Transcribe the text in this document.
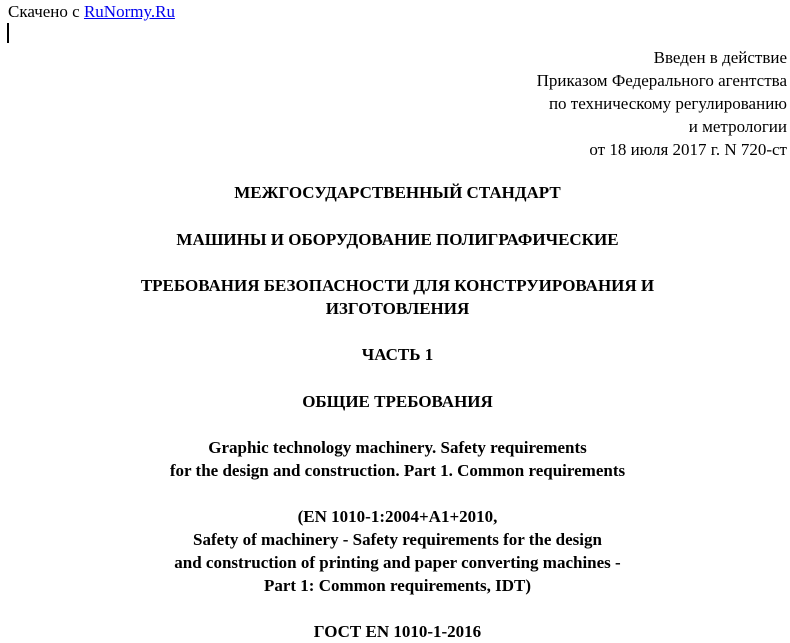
Скачено с RuNormy.Ru
Введен в действие
Приказом Федерального агентства
по техническому регулированию
и метрологии
от 18 июля 2017 г. N 720-ст
МЕЖГОСУДАРСТВЕННЫЙ СТАНДАРТ
МАШИНЫ И ОБОРУДОВАНИЕ ПОЛИГРАФИЧЕСКИЕ
ТРЕБОВАНИЯ БЕЗОПАСНОСТИ ДЛЯ КОНСТРУИРОВАНИЯ И
ИЗГОТОВЛЕНИЯ
ЧАСТЬ 1
ОБЩИЕ ТРЕБОВАНИЯ
Graphic technology machinery. Safety requirements
for the design and construction. Part 1. Common requirements
(EN 1010-1:2004+A1+2010,
Safety of machinery - Safety requirements for the design
and construction of printing and paper converting machines -
Part 1: Common requirements, IDT)
ГОСТ EN 1010-1-2016
